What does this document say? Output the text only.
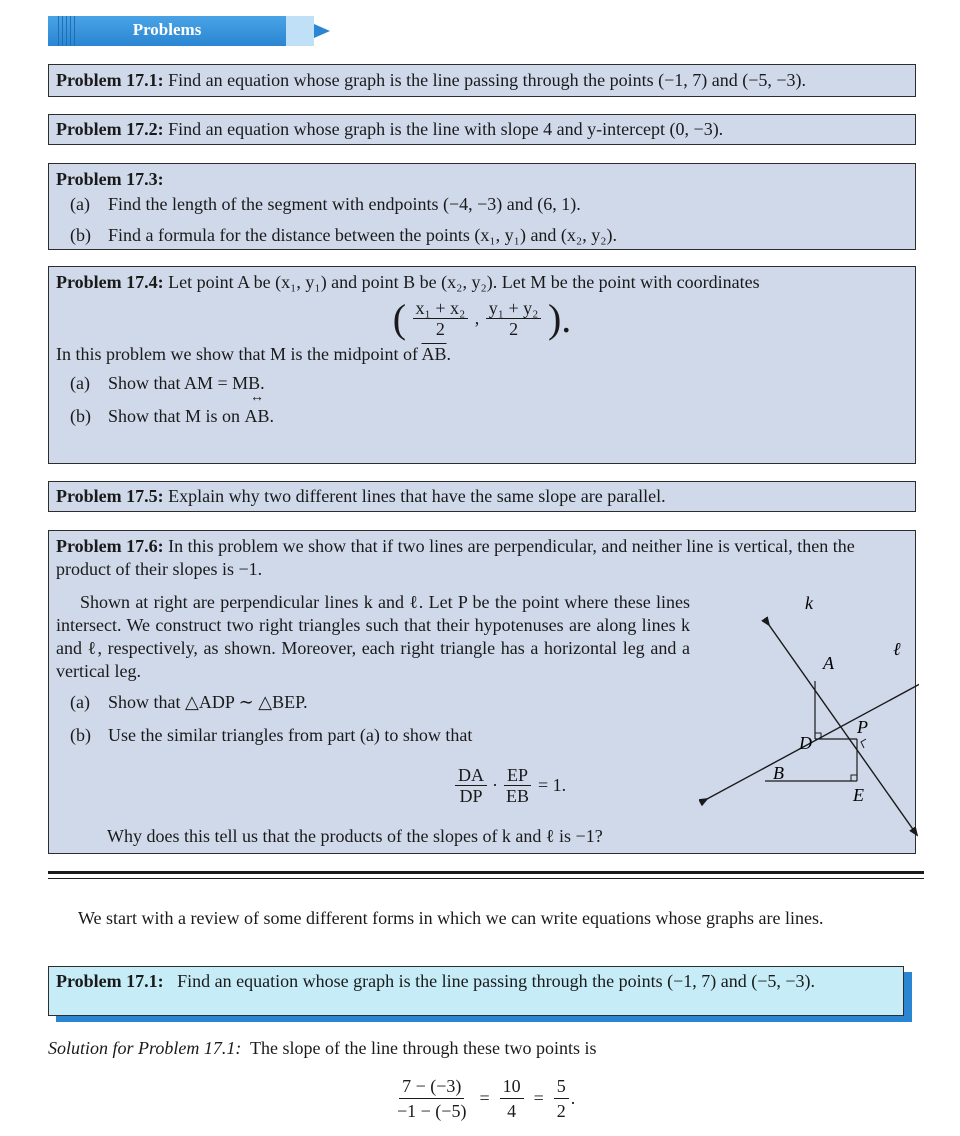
Problems
Problem 17.1: Find an equation whose graph is the line passing through the points (−1, 7) and (−5, −3).
Problem 17.2: Find an equation whose graph is the line with slope 4 and y-intercept (0, −3).
Problem 17.3:
(a) Find the length of the segment with endpoints (−4, −3) and (6, 1).
(b) Find a formula for the distance between the points (x₁, y₁) and (x₂, y₂).
Problem 17.4: Let point A be (x₁, y₁) and point B be (x₂, y₂). Let M be the point with coordinates
( $\frac{\text{x₁ + x₂}}{2}$ , $\frac{\text{y₁ + y₂}}{2}$ ).
In this problem we show that M is the midpoint of $\overline{AB}$.
(a) Show that AM = MB.
(b) Show that M is on
↔
AB.
Problem 17.5: Explain why two different lines that have the same slope are parallel.
Problem 17.6: In this problem we show that if two lines are perpendicular, and neither line is vertical, then the product of their slopes is −1.
Shown at right are perpendicular lines k and ℓ. Let P be the point where these lines intersect. We construct two right triangles such that their hypotenuses are along lines k and ℓ, respectively, as shown. Moreover, each right triangle has a horizontal leg and a vertical leg.
(a) Show that △ADP ∼ △BEP.
(b) Use the similar triangles from part (a) to show that
$\frac{DA}{DP} \cdot \frac{EP}{EB} = 1$.
Why does this tell us that the products of the slopes of k and ℓ is −1?
k
ℓ
A
P
D
B
E
We start with a review of some different forms in which we can write equations whose graphs are lines.
Problem 17.1: Find an equation whose graph is the line passing through the points (−1, 7) and (−5, −3).
Solution for Problem 17.1: The slope of the line through these two points is
$\frac{7 - (-3)}{-1 - (-5)} = \frac{10}{4} = \frac{5}{2}$ .
